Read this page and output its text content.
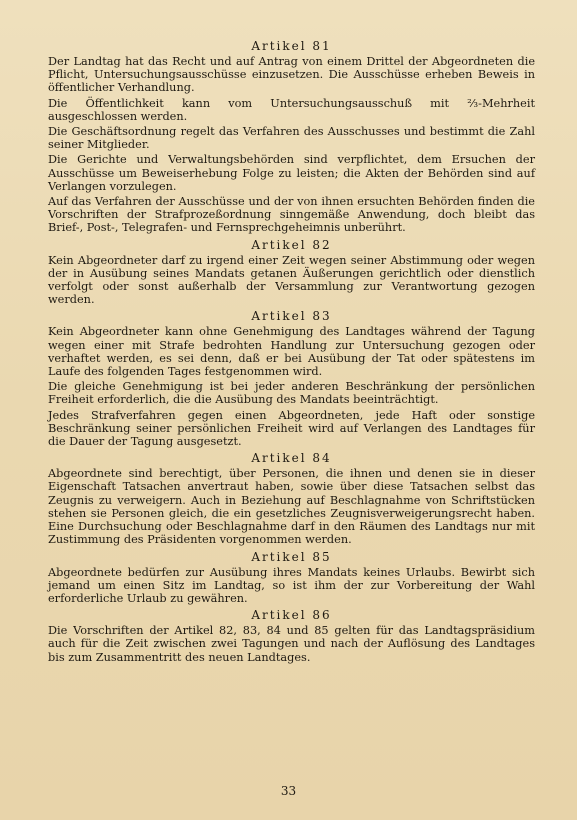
Artikel 81

Der Landtag hat das Recht und auf Antrag von einem Drittel der Abgeordneten die Pflicht, Untersuchungsausschüsse einzusetzen. Die Ausschüsse erheben Beweis in öffentlicher Verhandlung.

Die Öffentlichkeit kann vom Untersuchungsausschuß mit ⅔-Mehrheit ausgeschlossen werden.

Die Geschäftsordnung regelt das Verfahren des Ausschusses und bestimmt die Zahl seiner Mitglieder.

Die Gerichte und Verwaltungsbehörden sind verpflichtet, dem Ersuchen der Ausschüsse um Beweiserhebung Folge zu leisten; die Akten der Behörden sind auf Verlangen vorzulegen.

Auf das Verfahren der Ausschüsse und der von ihnen ersuchten Behörden finden die Vorschriften der Strafprozeßordnung sinngemäße Anwendung, doch bleibt das Brief-, Post-, Telegrafen- und Fernsprechgeheimnis unberührt.

Artikel 82

Kein Abgeordneter darf zu irgend einer Zeit wegen seiner Abstimmung oder wegen der in Ausübung seines Mandats getanen Äußerungen gerichtlich oder dienstlich verfolgt oder sonst außerhalb der Versammlung zur Verantwortung gezogen werden.

Artikel 83

Kein Abgeordneter kann ohne Genehmigung des Landtages während der Tagung wegen einer mit Strafe bedrohten Handlung zur Untersuchung gezogen oder verhaftet werden, es sei denn, daß er bei Ausübung der Tat oder spätestens im Laufe des folgenden Tages festgenommen wird.

Die gleiche Genehmigung ist bei jeder anderen Beschränkung der persönlichen Freiheit erforderlich, die die Ausübung des Mandats beeinträchtigt.

Jedes Strafverfahren gegen einen Abgeordneten, jede Haft oder sonstige Beschränkung seiner persönlichen Freiheit wird auf Verlangen des Landtages für die Dauer der Tagung ausgesetzt.

Artikel 84

Abgeordnete sind berechtigt, über Personen, die ihnen und denen sie in dieser Eigenschaft Tatsachen anvertraut haben, sowie über diese Tatsachen selbst das Zeugnis zu verweigern. Auch in Beziehung auf Beschlagnahme von Schriftstücken stehen sie Personen gleich, die ein gesetzliches Zeugnisverweigerungsrecht haben. Eine Durchsuchung oder Beschlagnahme darf in den Räumen des Landtags nur mit Zustimmung des Präsidenten vorgenommen werden.

Artikel 85

Abgeordnete bedürfen zur Ausübung ihres Mandats keines Urlaubs. Bewirbt sich jemand um einen Sitz im Landtag, so ist ihm der zur Vorbereitung der Wahl erforderliche Urlaub zu gewähren.

Artikel 86

Die Vorschriften der Artikel 82, 83, 84 und 85 gelten für das Landtagspräsidium auch für die Zeit zwischen zwei Tagungen und nach der Auflösung des Landtages bis zum Zusammentritt des neuen Landtages.

33
